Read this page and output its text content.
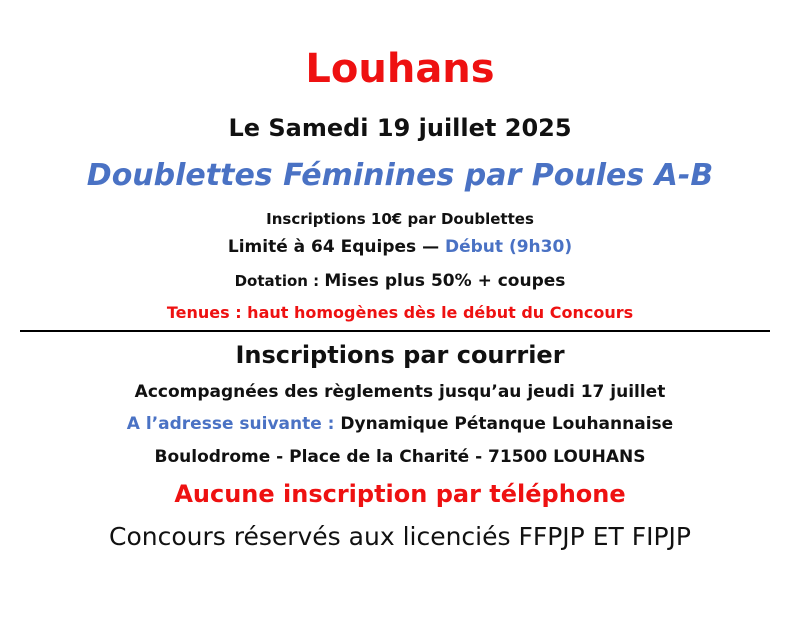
Louhans
Le Samedi 19 juillet 2025
Doublettes Féminines par Poules A-B
Inscriptions 10€ par Doublettes
Limité à 64 Equipes — Début (9h30)
Dotation : Mises plus 50% + coupes
Tenues : haut homogènes dès le début du Concours
Inscriptions par courrier
Accompagnées des règlements jusqu’au jeudi 17 juillet
A l’adresse suivante : Dynamique Pétanque Louhannaise
Boulodrome - Place de la Charité - 71500 LOUHANS
Aucune inscription par téléphone
Concours réservés aux licenciés FFPJP ET FIPJP
